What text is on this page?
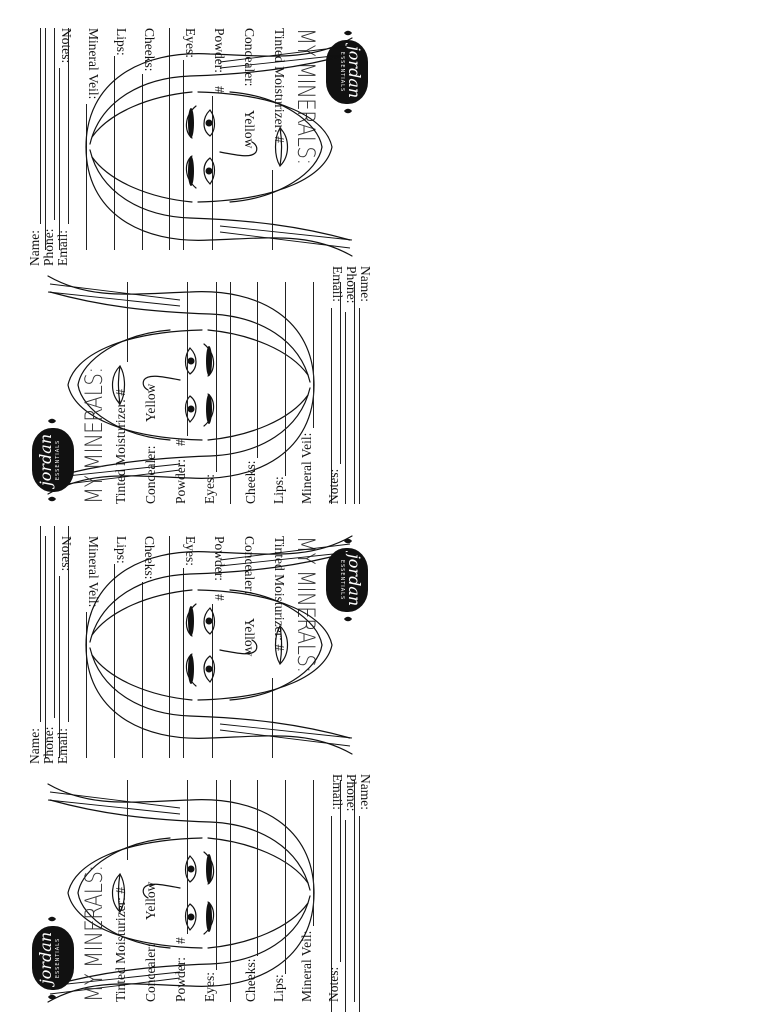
jordan
ESSENTIALS
MY MINERALS:
Tinted Moisturizer: #
Concealer:
Yellow
Powder:
#
Eyes:
Cheeks:
Lips:
Mineral Veil:
Notes:
Name:
Phone:
Email:
jordan
ESSENTIALS
MY MINERALS:
Tinted Moisturizer: #
Concealer:
Yellow
Powder:
#
Eyes:
Cheeks:
Lips:
Mineral Veil:
Notes:
Name:
Phone:
Email:
jordan ESSENTIALS MY MINERALS: Tinted Moisturizer: # Concealer:
Yellow
Powder:
#
Eyes: Cheeks: Lips: Mineral Veil: Notes:
Name: Phone: Email:
jordan ESSENTIALS MY MINERALS: Tinted Moisturizer: # Concealer:
Yellow
Powder:
#
Eyes: Cheeks: Lips: Mineral Veil: Notes:
Name: Phone: Email:
